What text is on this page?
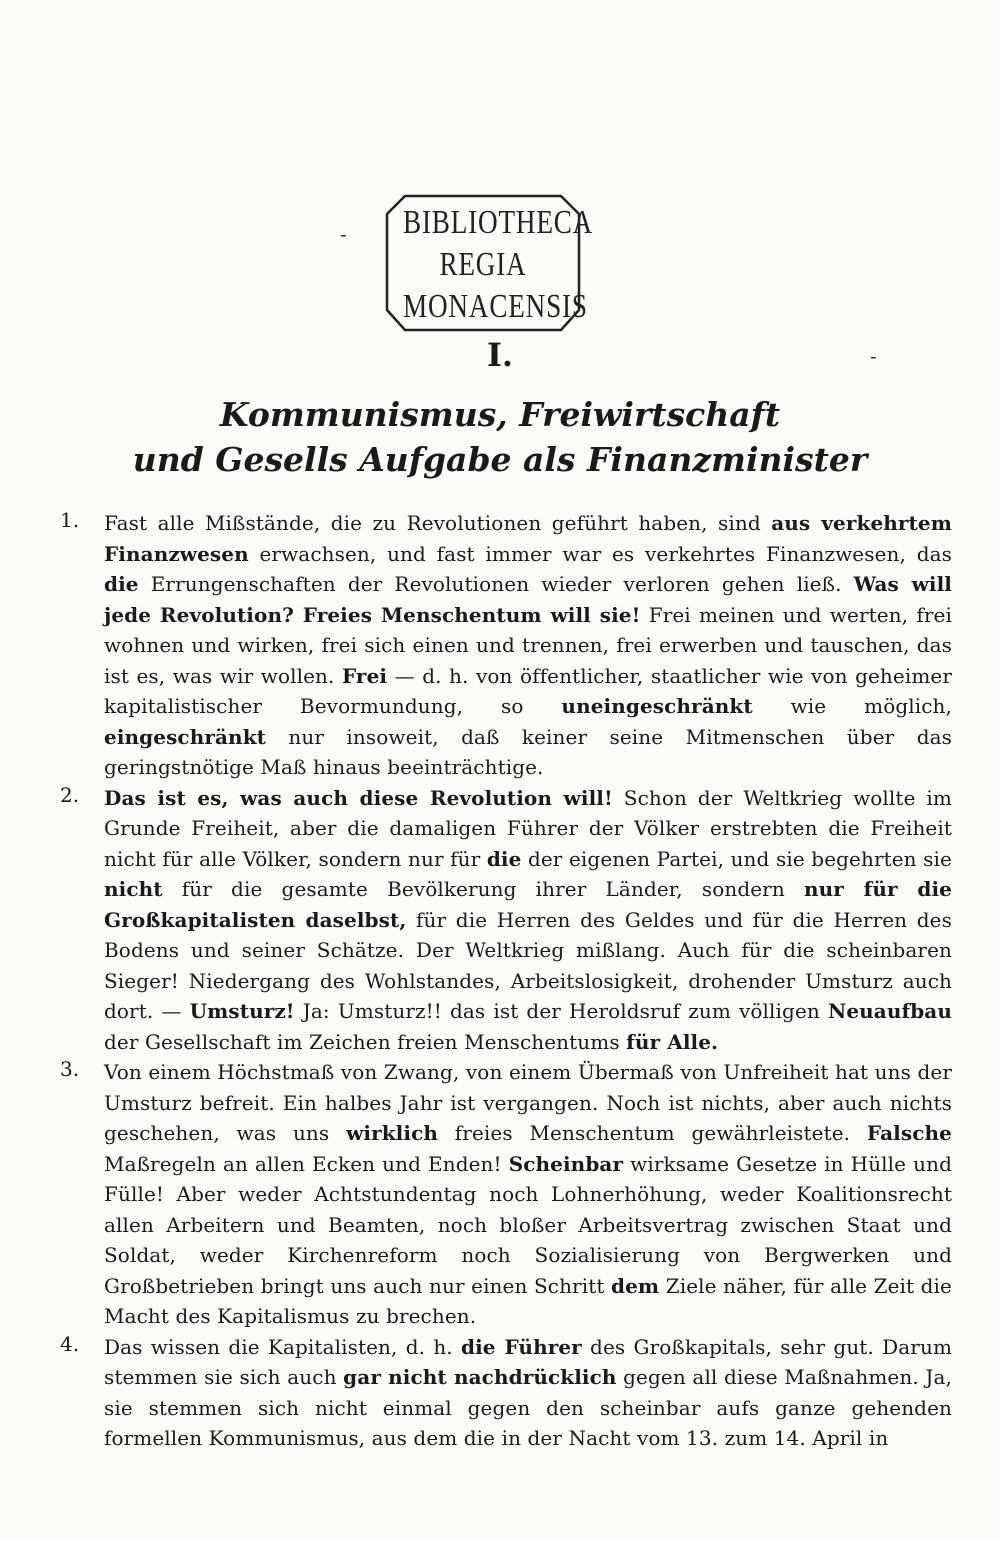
BIBLIOTHECA
REGIA
MONACENSIS
-
-
I.
Kommunismus, Freiwirtschaft
und Gesells Aufgabe als Finanzminister
1. Fast alle Mißstände, die zu Revolutionen geführt haben, sind aus verkehrtem Finanzwesen erwachsen, und fast immer war es verkehrtes Finanzwesen, das die Errungenschaften der Revolutionen wieder verloren gehen ließ. Was will jede Revolution? Freies Menschentum will sie! Frei meinen und werten, frei wohnen und wirken, frei sich einen und trennen, frei erwerben und tauschen, das ist es, was wir wollen. Frei — d. h. von öffentlicher, staatlicher wie von geheimer kapitalistischer Bevormundung, so uneingeschränkt wie möglich, eingeschränkt nur insoweit, daß keiner seine Mitmenschen über das geringstnötige Maß hinaus beeinträchtige.

2. Das ist es, was auch diese Revolution will! Schon der Weltkrieg wollte im Grunde Freiheit, aber die damaligen Führer der Völker erstrebten die Freiheit nicht für alle Völker, sondern nur für die der eigenen Partei, und sie begehrten sie nicht für die gesamte Bevölkerung ihrer Länder, sondern nur für die Großkapitalisten daselbst, für die Herren des Geldes und für die Herren des Bodens und seiner Schätze. Der Weltkrieg mißlang. Auch für die scheinbaren Sieger! Niedergang des Wohlstandes, Arbeitslosigkeit, drohender Umsturz auch dort. — Umsturz! Ja: Umsturz!! das ist der Heroldsruf zum völligen Neuaufbau der Gesellschaft im Zeichen freien Menschentums für Alle.

3. Von einem Höchstmaß von Zwang, von einem Übermaß von Unfreiheit hat uns der Umsturz befreit. Ein halbes Jahr ist vergangen. Noch ist nichts, aber auch nichts geschehen, was uns wirklich freies Menschentum gewährleistete. Falsche Maßregeln an allen Ecken und Enden! Scheinbar wirksame Gesetze in Hülle und Fülle! Aber weder Achtstundentag noch Lohnerhöhung, weder Koalitionsrecht allen Arbeitern und Beamten, noch bloßer Arbeitsvertrag zwischen Staat und Soldat, weder Kirchenreform noch Sozialisierung von Bergwerken und Großbetrieben bringt uns auch nur einen Schritt dem Ziele näher, für alle Zeit die Macht des Kapitalismus zu brechen.

4. Das wissen die Kapitalisten, d. h. die Führer des Großkapitals, sehr gut. Darum stemmen sie sich auch gar nicht nachdrücklich gegen all diese Maßnahmen. Ja, sie stemmen sich nicht einmal gegen den scheinbar aufs ganze gehenden formellen Kommunismus, aus dem die in der Nacht vom 13. zum 14. April in
